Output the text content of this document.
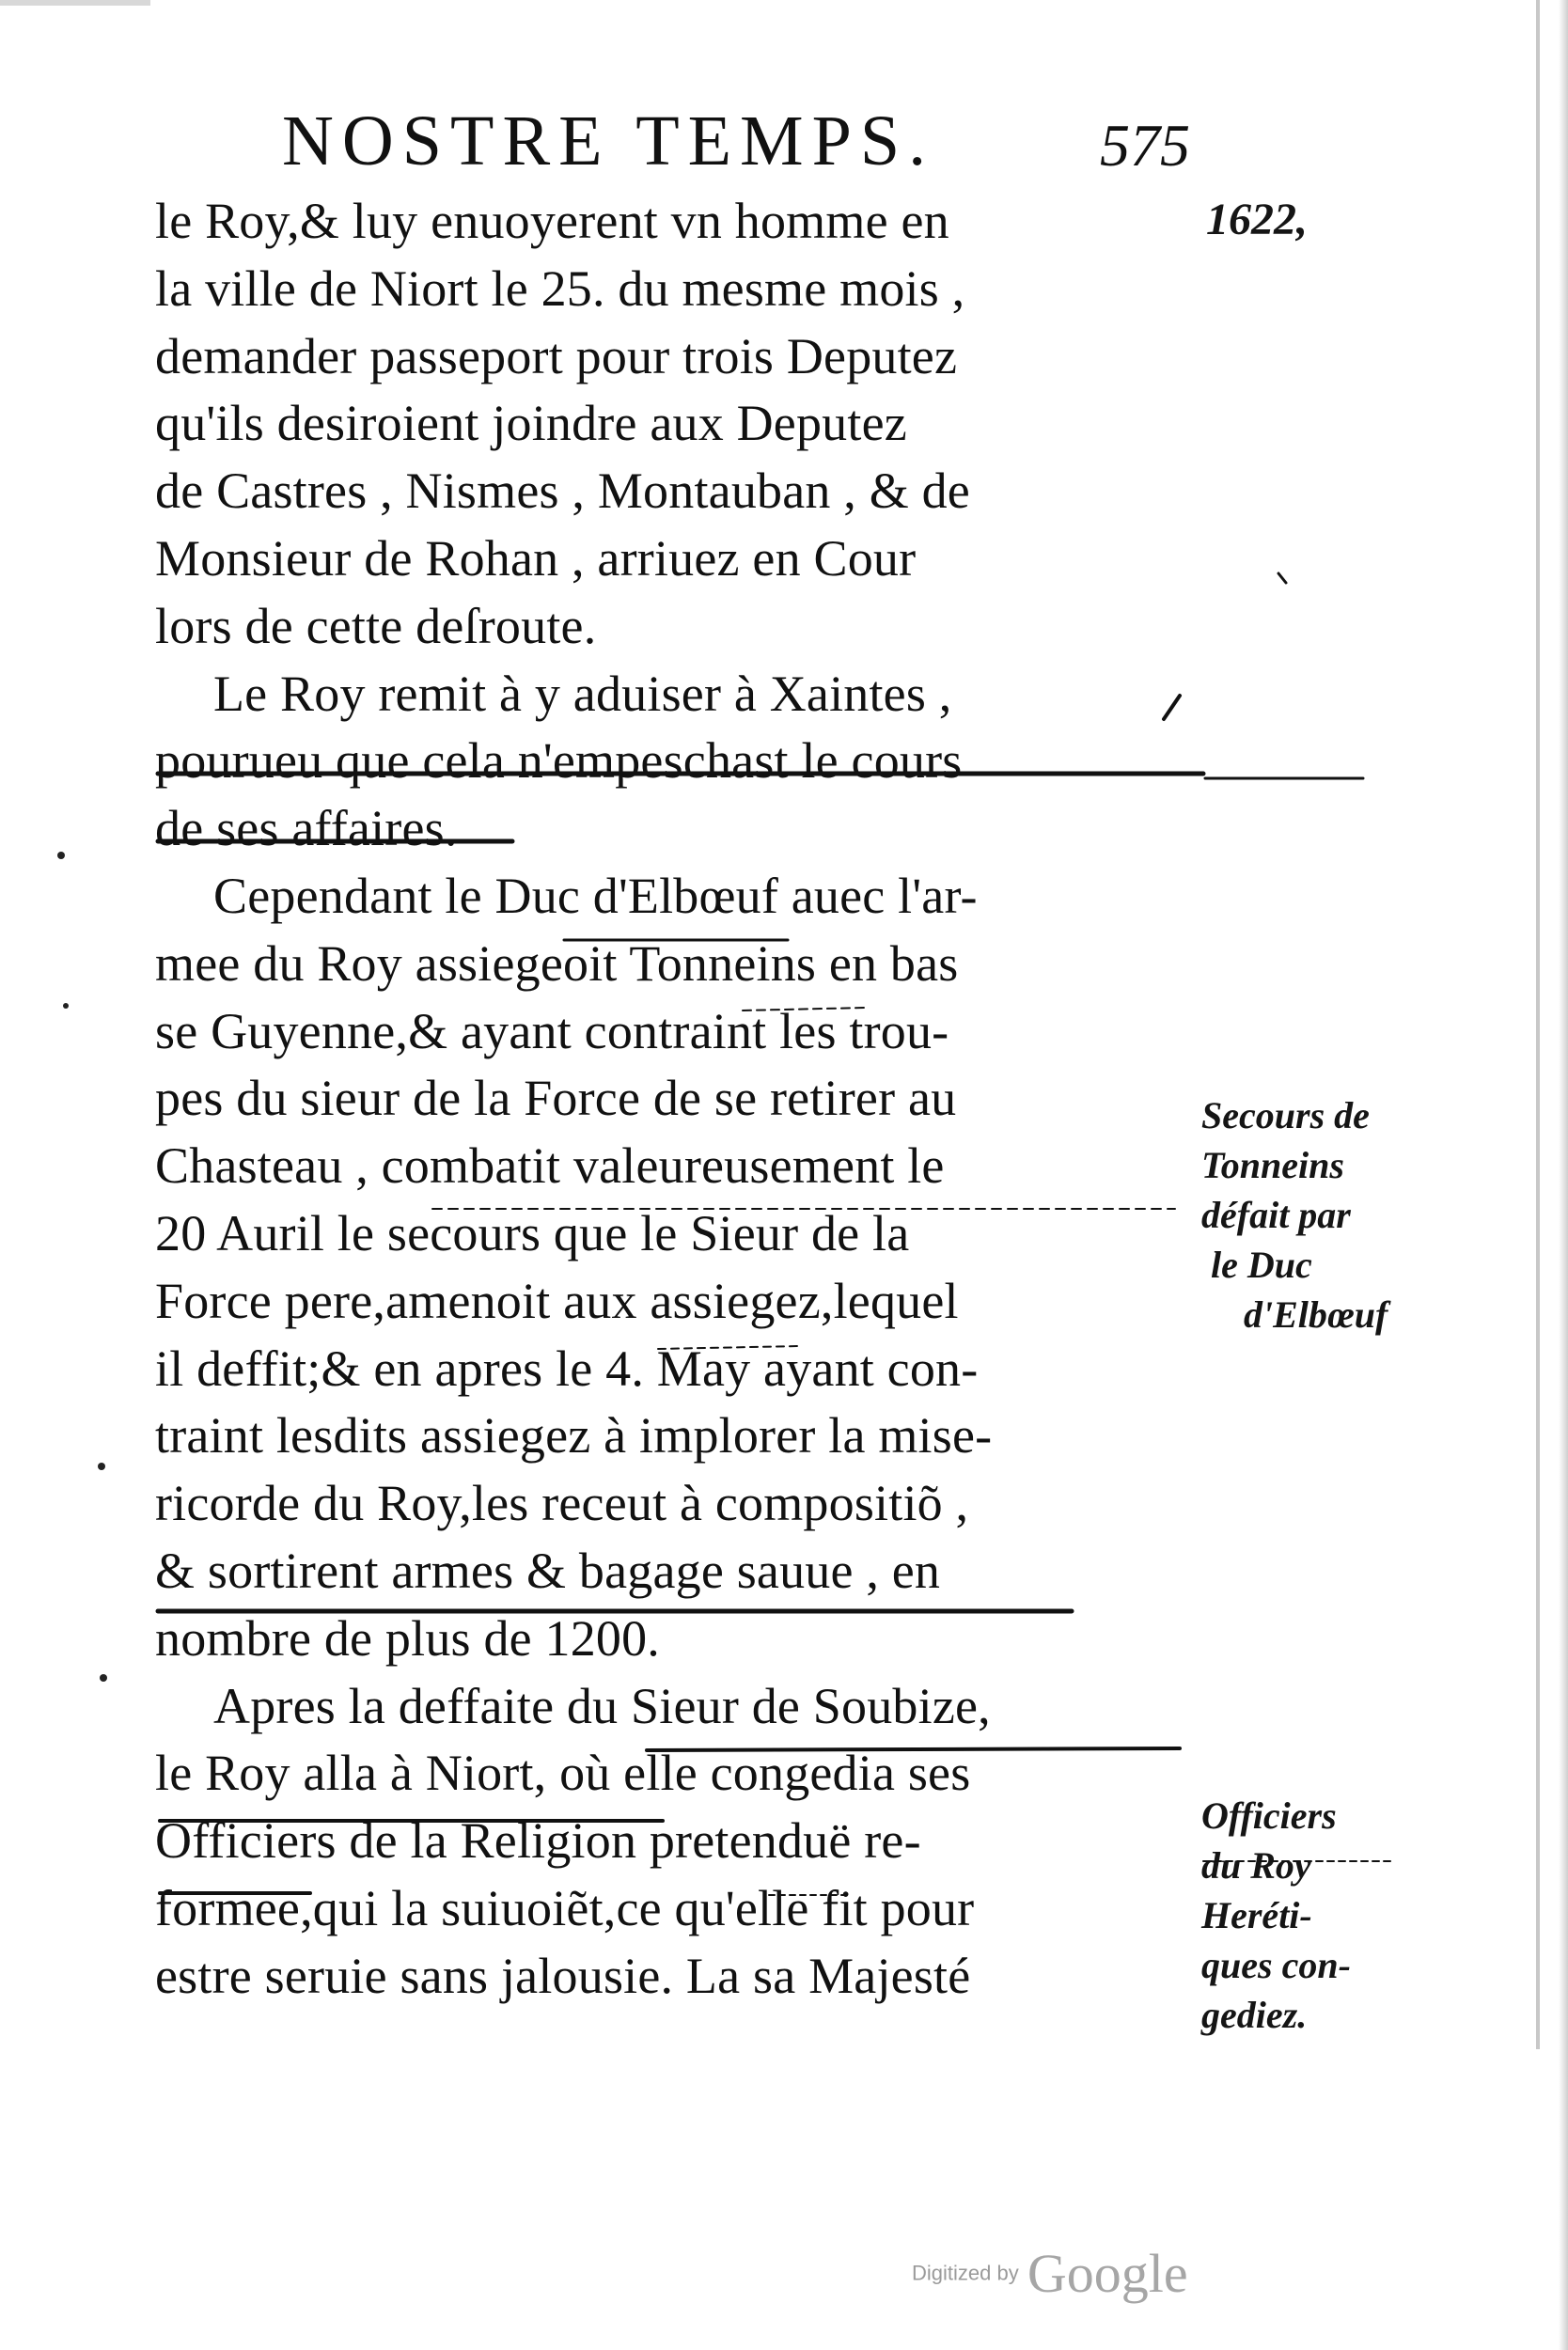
NOSTRE TEMPS.	575
1622,
le Roy,& luy enuoyerent vn homme en
la ville de Niort le 25. du mesme mois ,
demander passeport pour trois Deputez
qu'ils desiroient joindre aux Deputez
de Castres , Nismes , Montauban , & de
Monsieur de Rohan , arriuez en Cour
lors de cette deſroute.
Le Roy remit à y aduiser à Xaintes ,
pourueu que cela n'empeschast le cours
de ses affaires.
Cependant le Duc d'Elbœuf auec l'ar-
mee du Roy assiegeoit Tonneins en bas
se Guyenne,& ayant contraint les trou-
pes du sieur de la Force de se retirer au
Chasteau , combatit valeureusement le
20 Auril le secours que le Sieur de la
Force pere,amenoit aux assiegez,lequel
il deffit;& en apres le 4. May ayant con-
traint lesdits assiegez à implorer la mise-
ricorde du Roy,les receut à compositiõ ,
& sortirent armes & bagage sauue , en
nombre de plus de 1200.
Apres la deffaite du Sieur de Soubize,
le Roy alla à Niort, où elle congedia ses
Officiers de la Religion pretenduë re-
formee,qui la suiuoiẽt,ce qu'elle fit pour
estre seruie sans jalousie. La sa Majesté
Secours de
Tonneins
défait par
le Duc
d'Elbœuf
Officiers
du Roy
Heréti-
ques con-
gediez.
Digitized by Google
